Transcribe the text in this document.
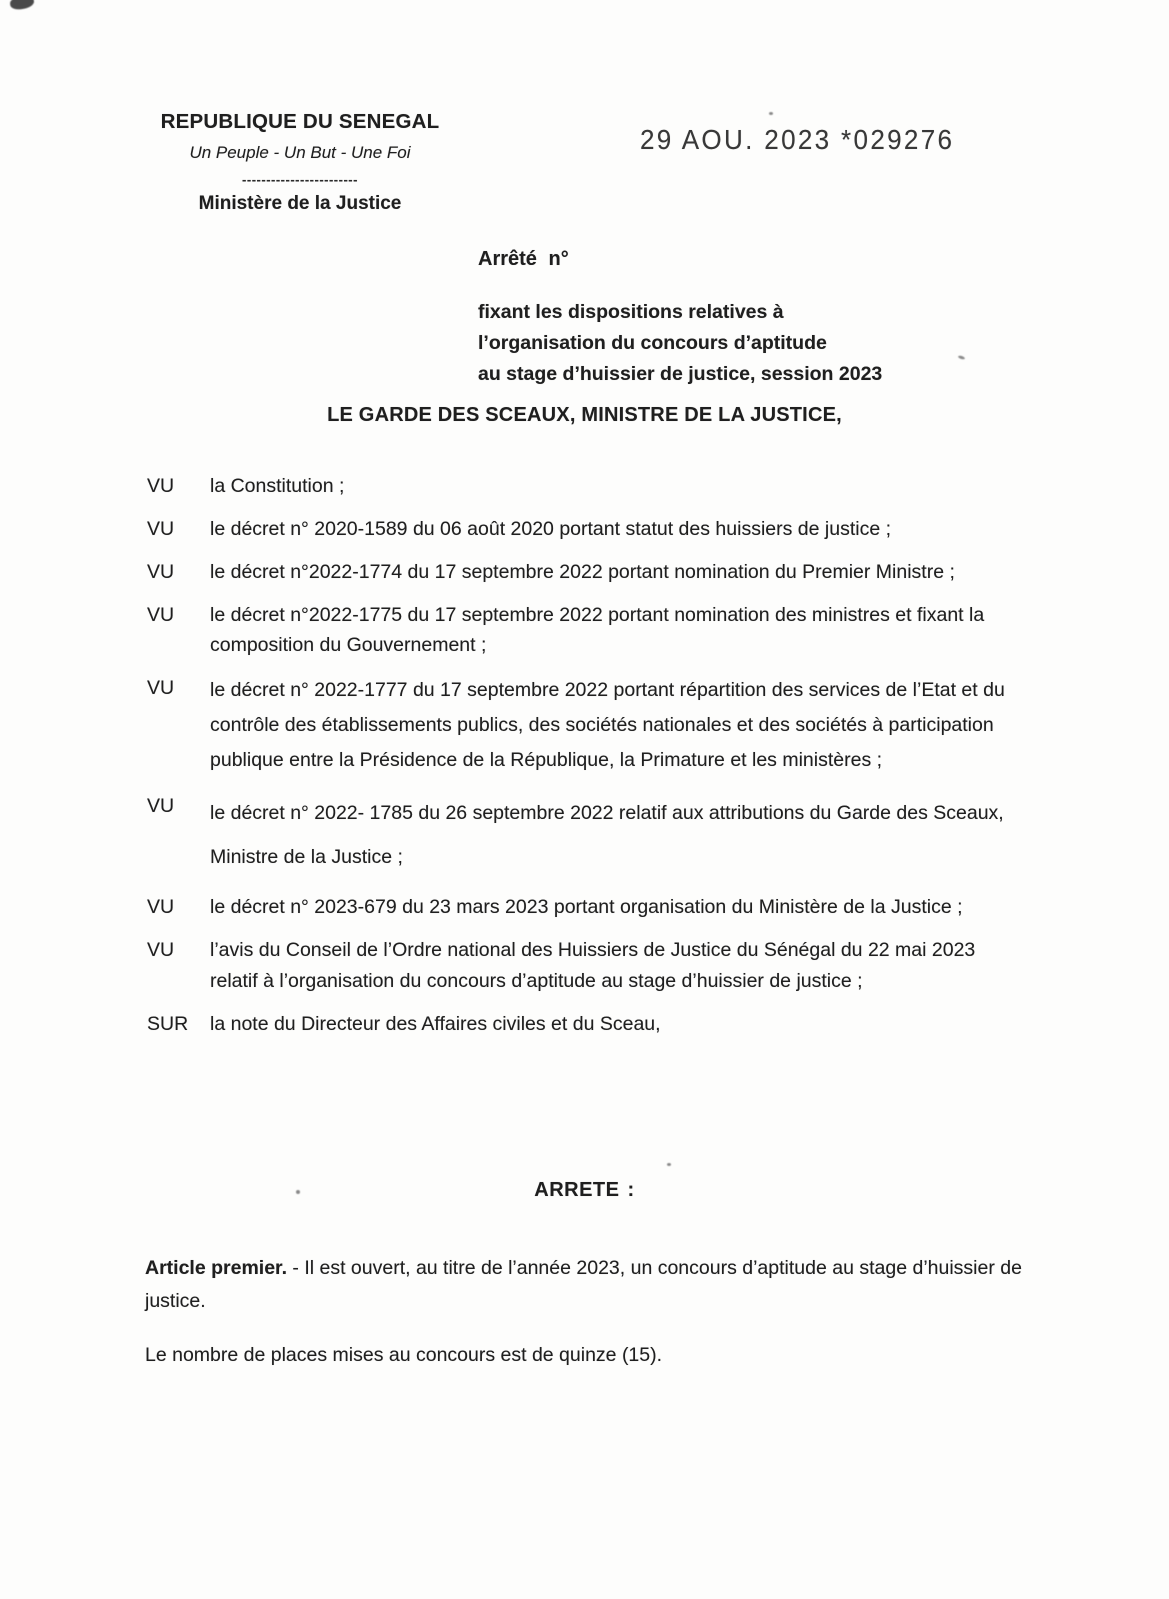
REPUBLIQUE DU SENEGAL
Un Peuple - Un But - Une Foi
------------------------
Ministère de la Justice
29 AOU. 2023 *029276
Arrêté n°
fixant les dispositions relatives à
l’organisation du concours d’aptitude
au stage d’huissier de justice, session 2023
LE GARDE DES SCEAUX, MINISTRE DE LA JUSTICE,
VU	la Constitution ;
VU	le décret n° 2020-1589 du 06 août 2020 portant statut des huissiers de justice ;
VU	le décret n°2022-1774 du 17 septembre 2022 portant nomination du Premier Ministre ;
VU	le décret n°2022-1775 du 17 septembre 2022 portant nomination des ministres et fixant la composition du Gouvernement ;
VU	le décret n° 2022-1777 du 17 septembre 2022 portant répartition des services de l’Etat et du contrôle des établissements publics, des sociétés nationales et des sociétés à participation publique entre la Présidence de la République, la Primature et les ministères ;
VU	le décret n° 2022- 1785 du 26 septembre 2022 relatif aux attributions du Garde des Sceaux, Ministre de la Justice ;
VU	le décret n° 2023-679 du 23 mars 2023 portant organisation du Ministère de la Justice ;
VU	l’avis du Conseil de l’Ordre national des Huissiers de Justice du Sénégal du 22 mai 2023 relatif à l’organisation du concours d’aptitude au stage d’huissier de justice ;
SUR	la note du Directeur des Affaires civiles et du Sceau,
ARRETE :

Article premier. - Il est ouvert, au titre de l’année 2023, un concours d’aptitude au stage d’huissier de justice.

Le nombre de places mises au concours est de quinze (15).
